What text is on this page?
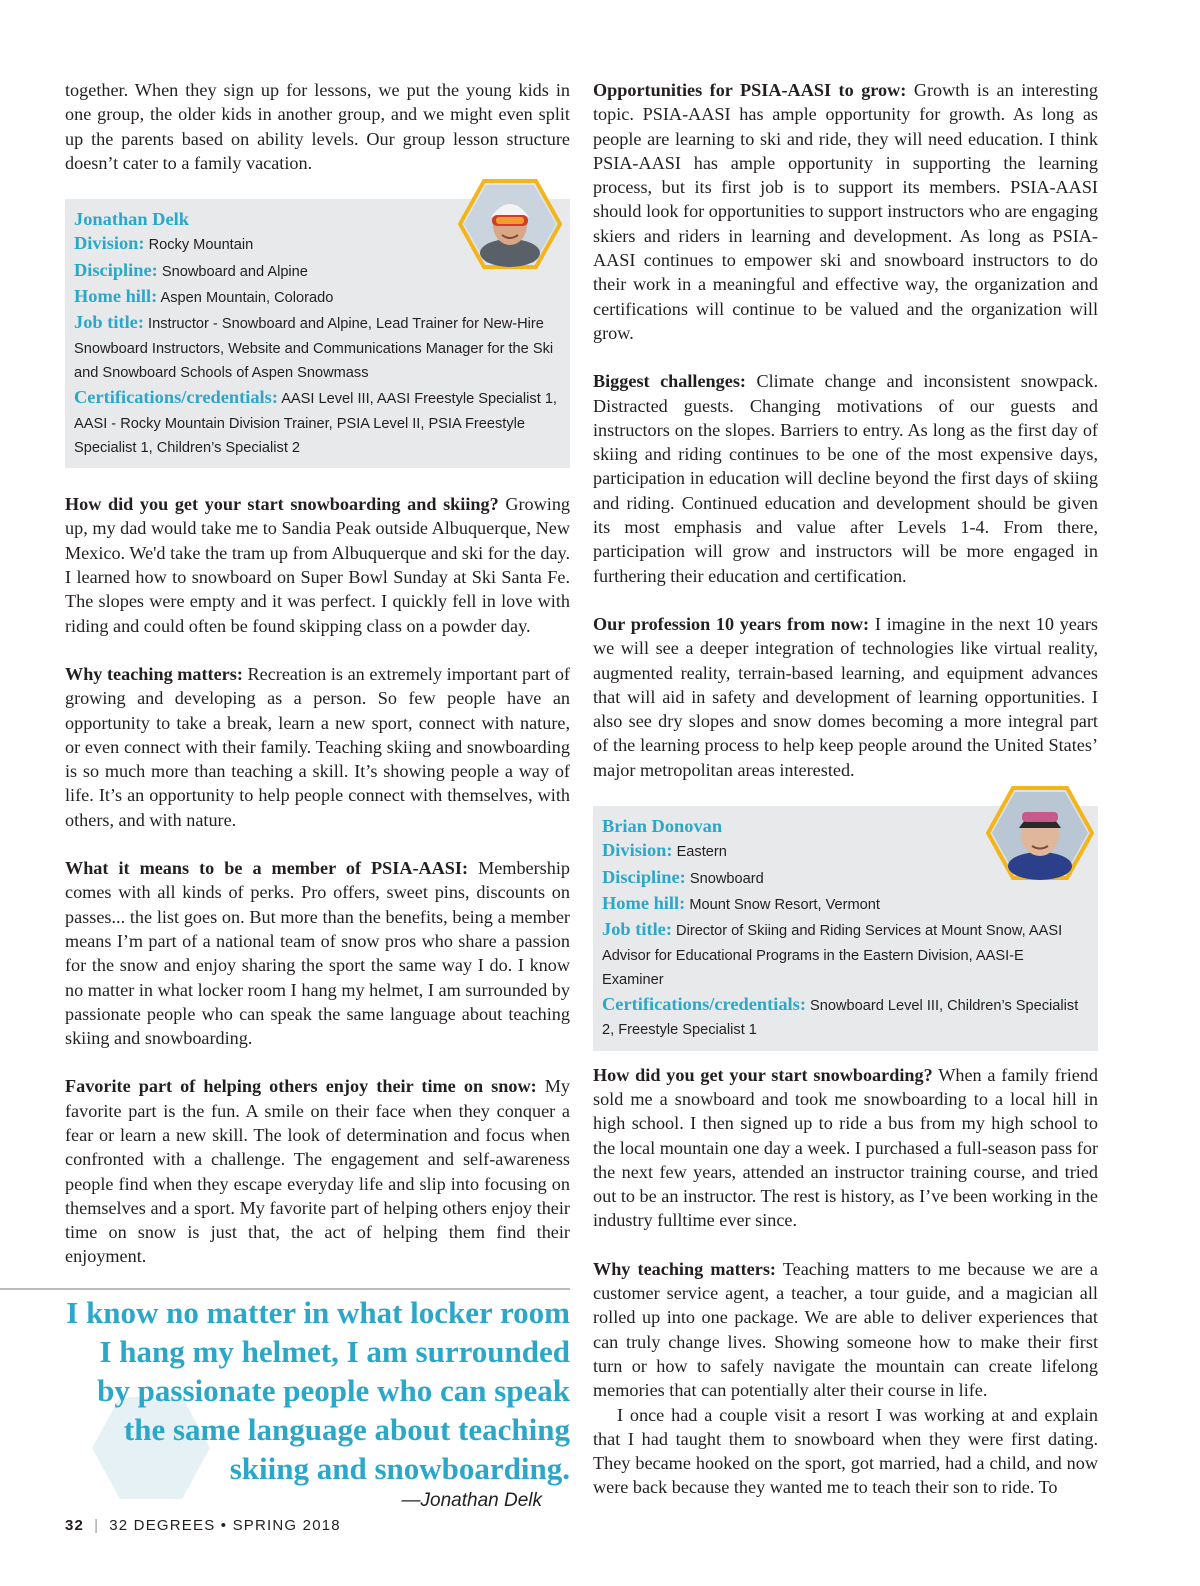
together. When they sign up for lessons, we put the young kids in one group, the older kids in another group, and we might even split up the parents based on ability levels. Our group lesson structure doesn’t cater to a family vacation.

Jonathan Delk
Division: Rocky Mountain
Discipline: Snowboard and Alpine
Home hill: Aspen Mountain, Colorado
Job title: Instructor - Snowboard and Alpine, Lead Trainer for New-Hire Snowboard Instructors, Website and Communications Manager for the Ski and Snowboard Schools of Aspen Snowmass
Certifications/credentials: AASI Level III, AASI Freestyle Specialist 1, AASI - Rocky Mountain Division Trainer, PSIA Level II, PSIA Freestyle Specialist 1, Children’s Specialist 2

How did you get your start snowboarding and skiing? Growing up, my dad would take me to Sandia Peak outside Albuquerque, New Mexico. We'd take the tram up from Albuquerque and ski for the day. I learned how to snowboard on Super Bowl Sunday at Ski Santa Fe. The slopes were empty and it was perfect. I quickly fell in love with riding and could often be found skipping class on a powder day.

Why teaching matters: Recreation is an extremely important part of growing and developing as a person. So few people have an opportunity to take a break, learn a new sport, connect with nature, or even connect with their family. Teaching skiing and snowboarding is so much more than teaching a skill. It’s showing people a way of life. It’s an opportunity to help people connect with themselves, with others, and with nature.

What it means to be a member of PSIA-AASI: Membership comes with all kinds of perks. Pro offers, sweet pins, discounts on passes... the list goes on. But more than the benefits, being a member means I’m part of a national team of snow pros who share a passion for the snow and enjoy sharing the sport the same way I do. I know no matter in what locker room I hang my helmet, I am surrounded by passionate people who can speak the same language about teaching skiing and snowboarding.

Favorite part of helping others enjoy their time on snow: My favorite part is the fun. A smile on their face when they conquer a fear or learn a new skill. The look of determination and focus when confronted with a challenge. The engagement and self-awareness people find when they escape everyday life and slip into focusing on themselves and a sport. My favorite part of helping others enjoy their time on snow is just that, the act of helping them find their enjoyment.

I know no matter in what locker room I hang my helmet, I am surrounded by passionate people who can speak the same language about teaching skiing and snowboarding.
—Jonathan Delk

Opportunities for PSIA-AASI to grow: Growth is an interesting topic. PSIA-AASI has ample opportunity for growth. As long as people are learning to ski and ride, they will need education. I think PSIA-AASI has ample opportunity in supporting the learning process, but its first job is to support its members. PSIA-AASI should look for opportunities to support instructors who are engaging skiers and riders in learning and development. As long as PSIA-AASI continues to empower ski and snowboard instructors to do their work in a meaningful and effective way, the organization and certifications will continue to be valued and the organization will grow.

Biggest challenges: Climate change and inconsistent snowpack. Distracted guests. Changing motivations of our guests and instructors on the slopes. Barriers to entry. As long as the first day of skiing and riding continues to be one of the most expensive days, participation in education will decline beyond the first days of skiing and riding. Continued education and development should be given its most emphasis and value after Levels 1-4. From there, participation will grow and instructors will be more engaged in furthering their education and certification.

Our profession 10 years from now: I imagine in the next 10 years we will see a deeper integration of technologies like virtual reality, augmented reality, terrain-based learning, and equipment advances that will aid in safety and development of learning opportunities. I also see dry slopes and snow domes becoming a more integral part of the learning process to help keep people around the United States’ major metropolitan areas interested.

Brian Donovan
Division: Eastern
Discipline: Snowboard
Home hill: Mount Snow Resort, Vermont
Job title: Director of Skiing and Riding Services at Mount Snow, AASI Advisor for Educational Programs in the Eastern Division, AASI-E Examiner
Certifications/credentials: Snowboard Level III, Children’s Specialist 2, Freestyle Specialist 1

How did you get your start snowboarding? When a family friend sold me a snowboard and took me snowboarding to a local hill in high school. I then signed up to ride a bus from my high school to the local mountain one day a week. I purchased a full-season pass for the next few years, attended an instructor training course, and tried out to be an instructor. The rest is history, as I’ve been working in the industry fulltime ever since.

Why teaching matters: Teaching matters to me because we are a customer service agent, a teacher, a tour guide, and a magician all rolled up into one package. We are able to deliver experiences that can truly change lives. Showing someone how to make their first turn or how to safely navigate the mountain can create lifelong memories that can potentially alter their course in life.

I once had a couple visit a resort I was working at and explain that I had taught them to snowboard when they were first dating. They became hooked on the sport, got married, had a child, and now were back because they wanted me to teach their son to ride. To

32 | 32 DEGREES • SPRING 2018
